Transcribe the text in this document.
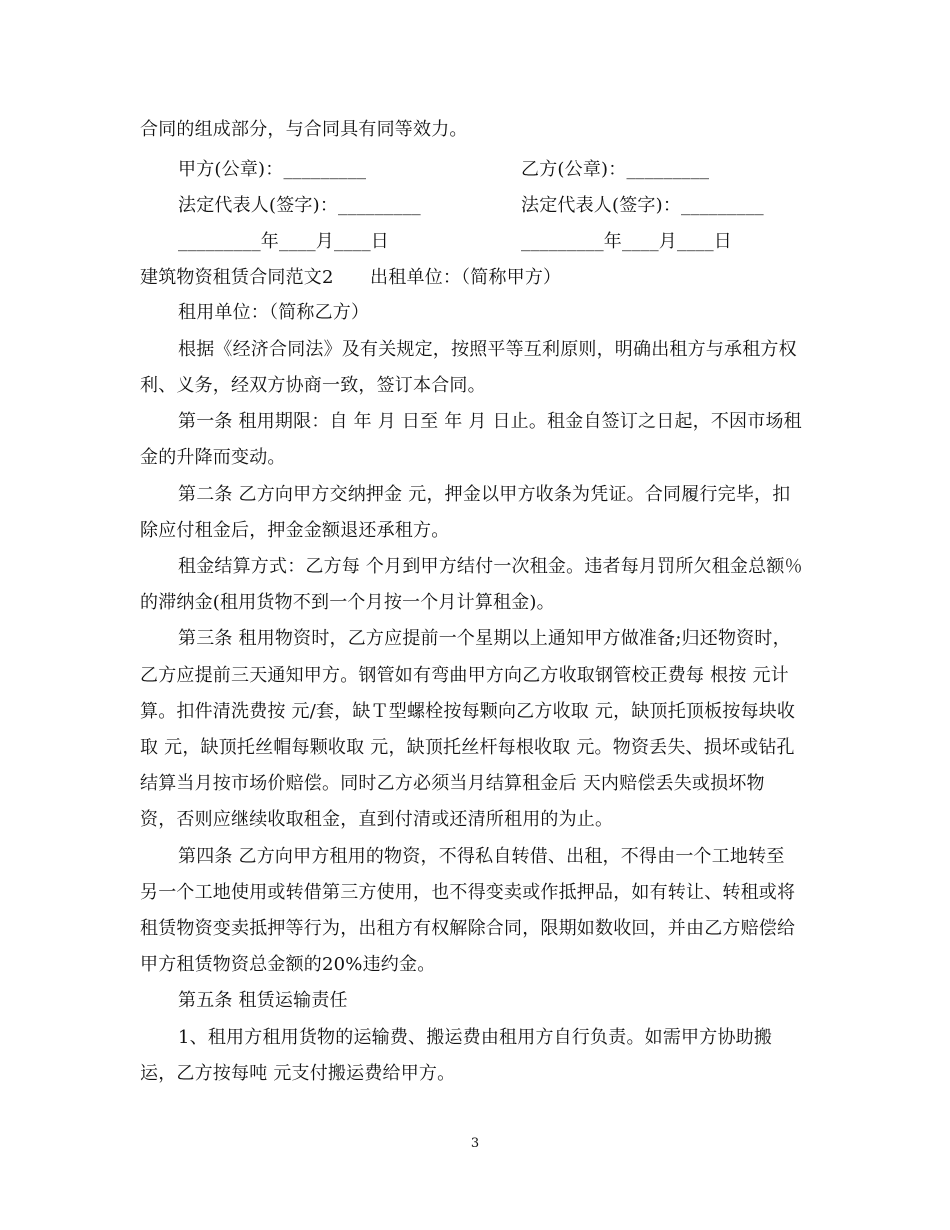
合同的组成部分，与合同具有同等效力。
甲方(公章)：_________	乙方(公章)：_________
法定代表人(签字)：_________	法定代表人(签字)：_________
_________年____月____日	_________年____月____日
建筑物资租赁合同范文2　　出租单位：（简称甲方）
租用单位：（简称乙方）
根据《经济合同法》及有关规定，按照平等互利原则，明确出租方与承租方权
利、义务，经双方协商一致，签订本合同。
第一条 租用期限：自 年 月 日至 年 月 日止。租金自签订之日起，不因市场租
金的升降而变动。
第二条 乙方向甲方交纳押金 元，押金以甲方收条为凭证。合同履行完毕，扣
除应付租金后，押金金额退还承租方。
租金结算方式：乙方每 个月到甲方结付一次租金。违者每月罚所欠租金总额％
的滞纳金(租用货物不到一个月按一个月计算租金)。
第三条 租用物资时，乙方应提前一个星期以上通知甲方做准备;归还物资时，
乙方应提前三天通知甲方。钢管如有弯曲甲方向乙方收取钢管校正费每 根按 元计
算。扣件清洗费按 元/套，缺Ｔ型螺栓按每颗向乙方收取 元，缺顶托顶板按每块收
取 元，缺顶托丝帽每颗收取 元，缺顶托丝杆每根收取 元。物资丢失、损坏或钻孔
结算当月按市场价赔偿。同时乙方必须当月结算租金后 天内赔偿丢失或损坏物
资，否则应继续收取租金，直到付清或还清所租用的为止。
第四条 乙方向甲方租用的物资，不得私自转借、出租，不得由一个工地转至
另一个工地使用或转借第三方使用，也不得变卖或作抵押品，如有转让、转租或将
租赁物资变卖抵押等行为，出租方有权解除合同，限期如数收回，并由乙方赔偿给
甲方租赁物资总金额的20%违约金。
第五条 租赁运输责任
1、租用方租用货物的运输费、搬运费由租用方自行负责。如需甲方协助搬
运，乙方按每吨 元支付搬运费给甲方。
3
